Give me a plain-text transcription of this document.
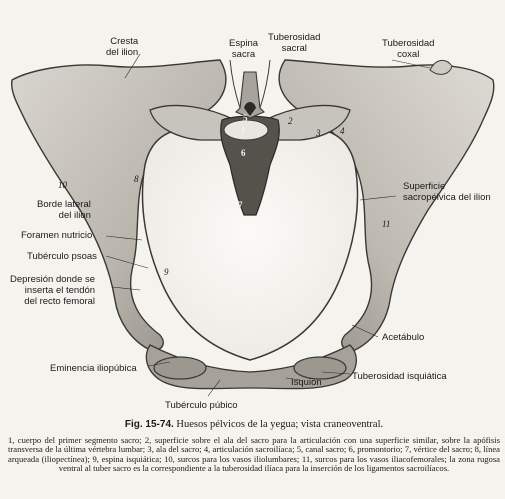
Cresta
del ilion
Espina
sacra
Tuberosidad
sacral	Tuberosidad
coxal
Superficie
sacropélvica del ilion
Borde lateral
del ilion
Foramen nutricio
Tubérculo psoas
Depresión donde se
inserta el tendón
del recto femoral
Acetábulo
Eminencia iliopúbica
Tuberosidad isquiática
Isquion
Tubérculo púbico
1
2
3 4
5
6
7
8
9
10
11
Fig. 15-74. Huesos pélvicos de la yegua; vista craneoventral.
1, cuerpo del primer segmento sacro; 2, superficie sobre el ala del sacro para la articulación con una superficie similar, sobre la apófisis transversa de la última vértebra lumbar; 3, ala del sacro; 4, articulación sacroilíaca; 5, canal sacro; 6, promontorio; 7, vértice del sacro; 8, línea arqueada (iliopectínea); 9, espina isquiática; 10, surcos para los vasos iliolumbares; 11, surcos para los vasos iliacofemorales; la zona rugosa ventral al tuber sacro es la correspondiente a la tuberosidad ilíaca para la inserción de los ligamentos sacroilíacos.
